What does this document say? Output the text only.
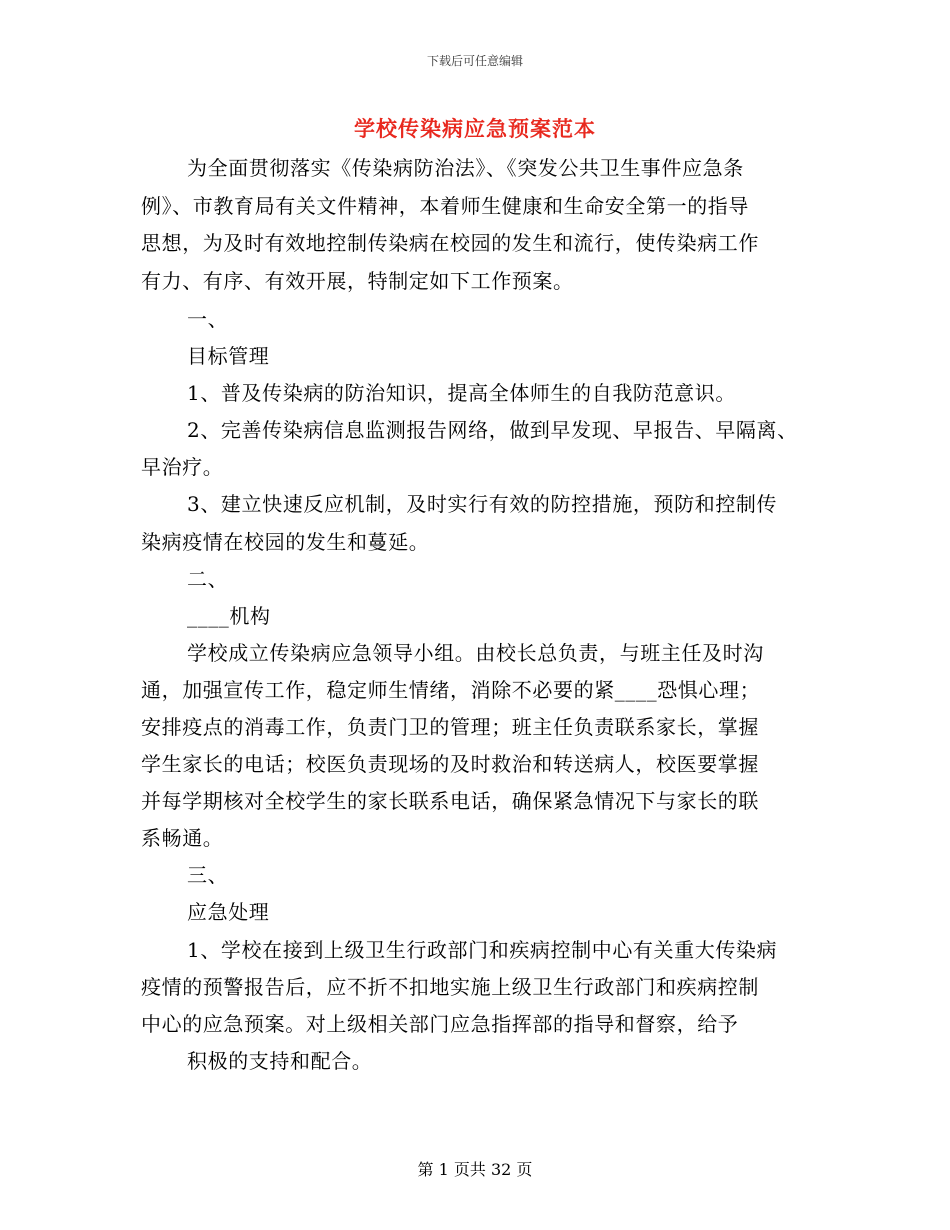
下载后可任意编辑
学校传染病应急预案范本
为全面贯彻落实《传染病防治法》、《突发公共卫生事件应急条
例》、市教育局有关文件精神，本着师生健康和生命安全第一的指导
思想，为及时有效地控制传染病在校园的发生和流行，使传染病工作
有力、有序、有效开展，特制定如下工作预案。
一、
目标管理
1、普及传染病的防治知识，提高全体师生的自我防范意识。
2、完善传染病信息监测报告网络，做到早发现、早报告、早隔离、
早治疗。
3、建立快速反应机制，及时实行有效的防控措施，预防和控制传
染病疫情在校园的发生和蔓延。
二、
____机构
学校成立传染病应急领导小组。由校长总负责，与班主任及时沟
通，加强宣传工作，稳定师生情绪，消除不必要的紧____恐惧心理；
安排疫点的消毒工作，负责门卫的管理；班主任负责联系家长，掌握
学生家长的电话；校医负责现场的及时救治和转送病人，校医要掌握
并每学期核对全校学生的家长联系电话，确保紧急情况下与家长的联
系畅通。
三、
应急处理
1、学校在接到上级卫生行政部门和疾病控制中心有关重大传染病
疫情的预警报告后，应不折不扣地实施上级卫生行政部门和疾病控制
中心的应急预案。对上级相关部门应急指挥部的指导和督察，给予
积极的支持和配合。
第 1 页共 32 页
